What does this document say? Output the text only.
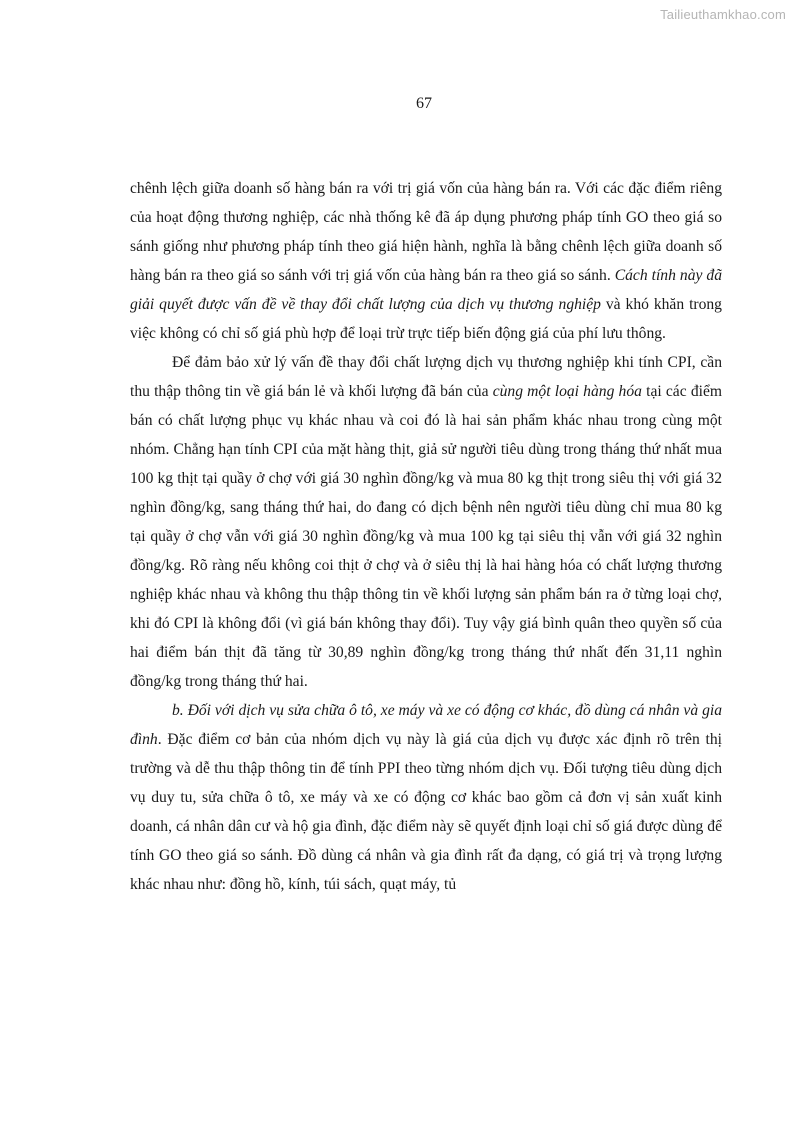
Tailieuthamkhao.com
67

chênh lệch giữa doanh số hàng bán ra với trị giá vốn của hàng bán ra. Với các đặc điểm riêng của hoạt động thương nghiệp, các nhà thống kê đã áp dụng phương pháp tính GO theo giá so sánh giống như phương pháp tính theo giá hiện hành, nghĩa là bằng chênh lệch giữa doanh số hàng bán ra theo giá so sánh với trị giá vốn của hàng bán ra theo giá so sánh. Cách tính này đã giải quyết được vấn đề về thay đổi chất lượng của dịch vụ thương nghiệp và khó khăn trong việc không có chỉ số giá phù hợp để loại trừ trực tiếp biến động giá của phí lưu thông.

Để đảm bảo xử lý vấn đề thay đổi chất lượng dịch vụ thương nghiệp khi tính CPI, cần thu thập thông tin về giá bán lẻ và khối lượng đã bán của cùng một loại hàng hóa tại các điểm bán có chất lượng phục vụ khác nhau và coi đó là hai sản phẩm khác nhau trong cùng một nhóm. Chẳng hạn tính CPI của mặt hàng thịt, giả sử người tiêu dùng trong tháng thứ nhất mua 100 kg thịt tại quầy ở chợ với giá 30 nghìn đồng/kg và mua 80 kg thịt trong siêu thị với giá 32 nghìn đồng/kg, sang tháng thứ hai, do đang có dịch bệnh nên người tiêu dùng chỉ mua 80 kg tại quầy ở chợ vẫn với giá 30 nghìn đồng/kg và mua 100 kg tại siêu thị vẫn với giá 32 nghìn đồng/kg. Rõ ràng nếu không coi thịt ở chợ và ở siêu thị là hai hàng hóa có chất lượng thương nghiệp khác nhau và không thu thập thông tin về khối lượng sản phẩm bán ra ở từng loại chợ, khi đó CPI là không đổi (vì giá bán không thay đổi). Tuy vậy giá bình quân theo quyền số của hai điểm bán thịt đã tăng từ 30,89 nghìn đồng/kg trong tháng thứ nhất đến 31,11 nghìn đồng/kg trong tháng thứ hai.

b. Đối với dịch vụ sửa chữa ô tô, xe máy và xe có động cơ khác, đồ dùng cá nhân và gia đình. Đặc điểm cơ bản của nhóm dịch vụ này là giá của dịch vụ được xác định rõ trên thị trường và dễ thu thập thông tin để tính PPI theo từng nhóm dịch vụ. Đối tượng tiêu dùng dịch vụ duy tu, sửa chữa ô tô, xe máy và xe có động cơ khác bao gồm cả đơn vị sản xuất kinh doanh, cá nhân dân cư và hộ gia đình, đặc điểm này sẽ quyết định loại chỉ số giá được dùng để tính GO theo giá so sánh. Đồ dùng cá nhân và gia đình rất đa dạng, có giá trị và trọng lượng khác nhau như: đồng hồ, kính, túi sách, quạt máy, tủ
